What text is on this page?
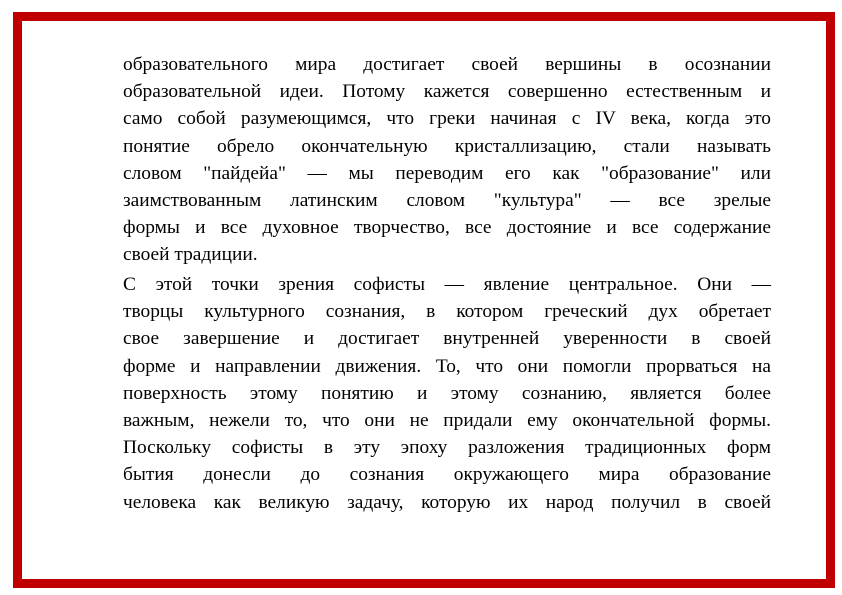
образовательного мира достигает своей вершины в осознании
образовательной идеи. Потому кажется совершенно естественным и
само собой разумеющимся, что греки начиная с IV века, когда это
понятие обрело окончательную кристаллизацию, стали называть
словом "пайдейа" — мы переводим его как "образование" или
заимствованным латинским словом "культура" — все зрелые
формы и все духовное творчество, все достояние и все содержание
своей традиции.

С этой точки зрения софисты — явление центральное. Они —
творцы культурного сознания, в котором греческий дух обретает
свое завершение и достигает внутренней уверенности в своей
форме и направлении движения. То, что они помогли прорваться на
поверхность этому понятию и этому сознанию, является более
важным, нежели то, что они не придали ему окончательной формы.
Поскольку софисты в эту эпоху разложения традиционных форм
бытия донесли до сознания окружающего мира образование
человека как великую задачу, которую их народ получил в своей
